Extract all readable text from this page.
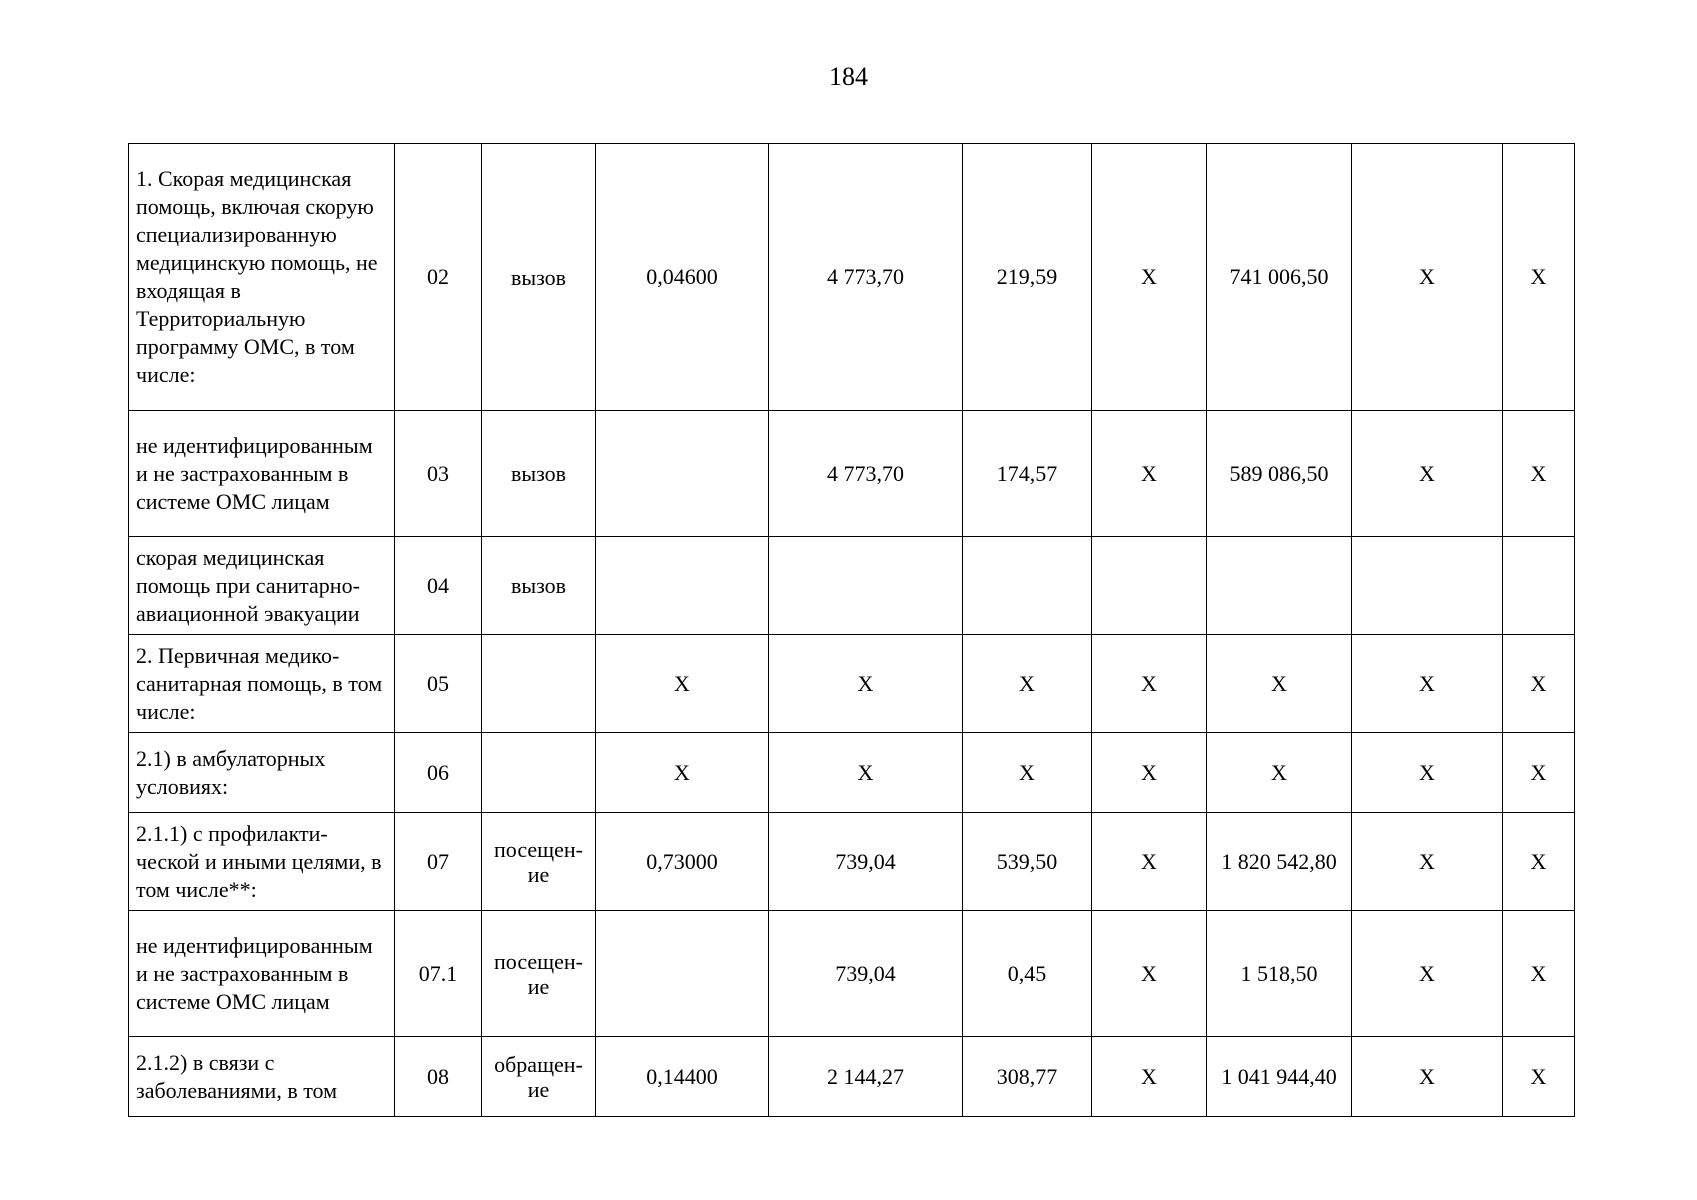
184
1. Скорая медицинская помощь, включая скорую специализированную медицинскую помощь, не входящая в Территориальную программу ОМС, в том числе:	02	вызов	0,04600	4 773,70	219,59	Х	741 006,50	Х	Х
не идентифицированным и не застрахованным в системе ОМС лицам	03	вызов		4 773,70	174,57	Х	589 086,50	Х	Х
скорая медицинская помощь при санитарно-авиационной эвакуации	04	вызов							
2. Первичная медико-санитарная помощь, в том числе:	05		Х	Х	Х	Х	Х	Х	Х
2.1) в амбулаторных условиях:	06		Х	Х	Х	Х	Х	Х	Х
2.1.1) с профилакти-ческой и иными целями, в том числе**:	07	посещен-ие	0,73000	739,04	539,50	Х	1 820 542,80	Х	Х
не идентифицированным и не застрахованным в системе ОМС лицам	07.1	посещен-ие		739,04	0,45	Х	1 518,50	Х	Х
2.1.2) в связи с заболеваниями, в том	08	обращен-ие	0,14400	2 144,27	308,77	Х	1 041 944,40	Х	Х
